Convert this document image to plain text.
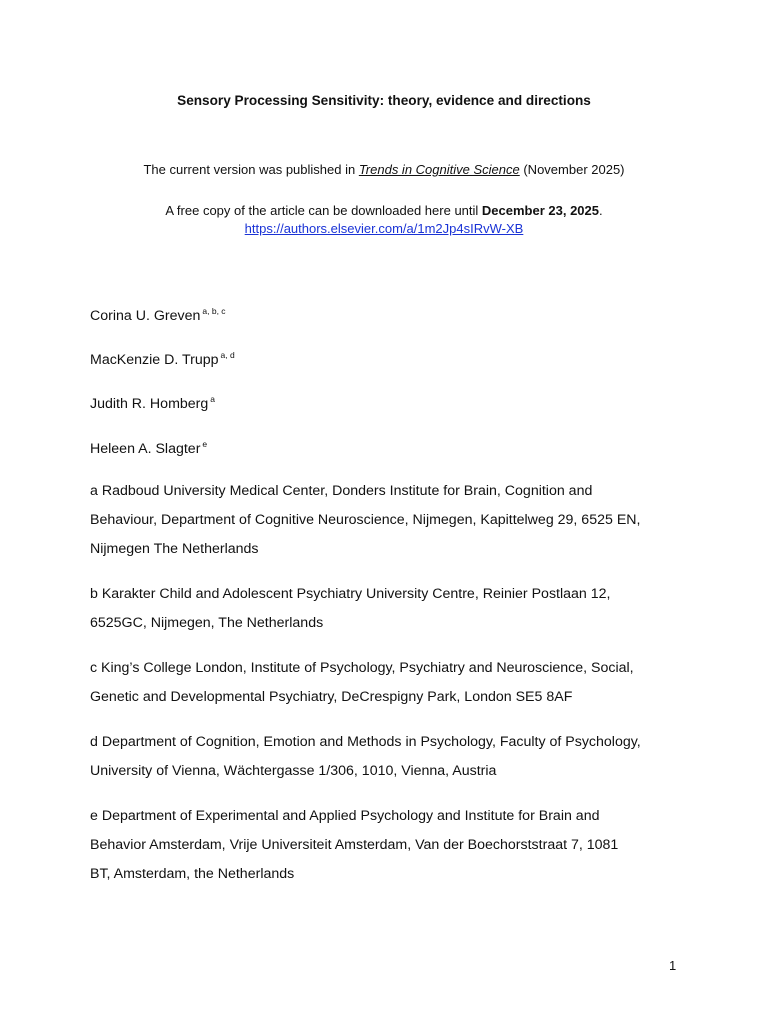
Sensory Processing Sensitivity: theory, evidence and directions
The current version was published in Trends in Cognitive Science (November 2025)
A free copy of the article can be downloaded here until December 23, 2025.
https://authors.elsevier.com/a/1m2Jp4sIRvW-XB
Corina U. Greven $^{a, b, c}$
MacKenzie D. Trupp $^{a, d}$
Judith R. Homberg $^a$
Heleen A. Slagter $^e$
a Radboud University Medical Center, Donders Institute for Brain, Cognition and
Behaviour, Department of Cognitive Neuroscience, Nijmegen, Kapittelweg 29, 6525 EN,
Nijmegen The Netherlands
b Karakter Child and Adolescent Psychiatry University Centre, Reinier Postlaan 12,
6525GC, Nijmegen, The Netherlands
c King’s College London, Institute of Psychology, Psychiatry and Neuroscience, Social,
Genetic and Developmental Psychiatry, DeCrespigny Park, London SE5 8AF
d Department of Cognition, Emotion and Methods in Psychology, Faculty of Psychology,
University of Vienna, Wächtergasse 1/306, 1010, Vienna, Austria
e Department of Experimental and Applied Psychology and Institute for Brain and
Behavior Amsterdam, Vrije Universiteit Amsterdam, Van der Boechorststraat 7, 1081
BT, Amsterdam, the Netherlands
1
